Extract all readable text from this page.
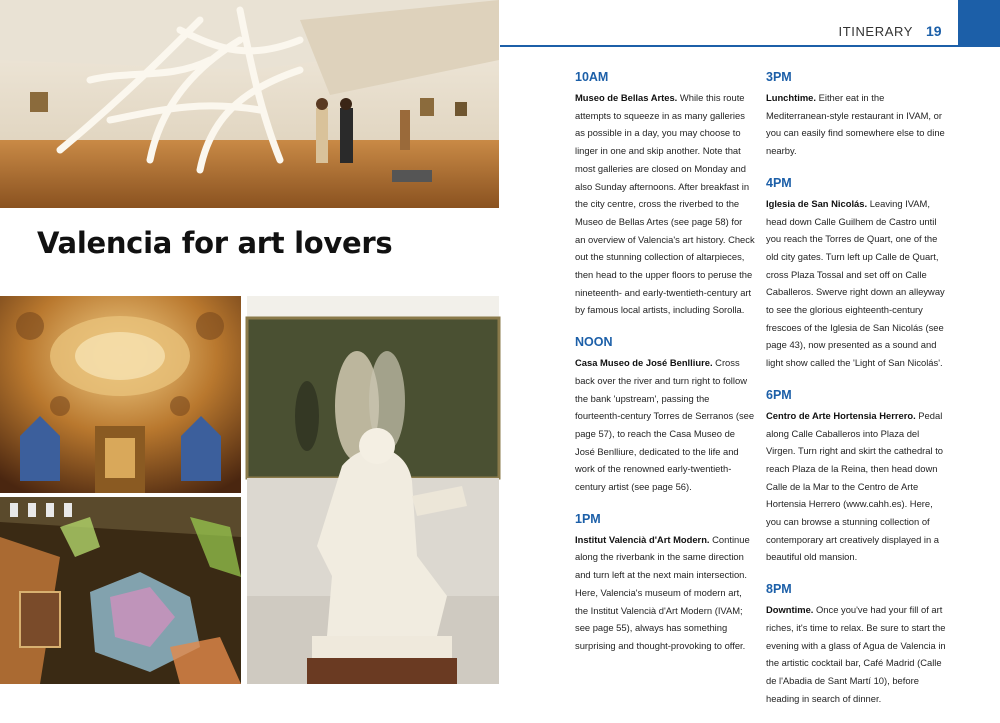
Valencia for art lovers
ITINERARY 19
10AM
Museo de Bellas Artes. While this route attempts to squeeze in as many galleries as possible in a day, you may choose to linger in one and skip another. Note that most galleries are closed on Monday and also Sunday afternoons. After breakfast in the city centre, cross the riverbed to the Museo de Bellas Artes (see page 58) for an overview of Valencia's art history. Check out the stunning collection of altarpieces, then head to the upper floors to peruse the nineteenth- and early-twentieth-century art by famous local artists, including Sorolla.
NOON
Casa Museo de José Benlliure. Cross back over the river and turn right to follow the bank 'upstream', passing the fourteenth-century Torres de Serranos (see page 57), to reach the Casa Museo de José Benlliure, dedicated to the life and work of the renowned early-twentieth-century artist (see page 56).
1PM
Institut Valencià d'Art Modern. Continue along the riverbank in the same direction and turn left at the next main intersection. Here, Valencia's museum of modern art, the Institut Valencià d'Art Modern (IVAM; see page 55), always has something surprising and thought-provoking to offer.
3PM
Lunchtime. Either eat in the Mediterranean-style restaurant in IVAM, or you can easily find somewhere else to dine nearby.
4PM
Iglesia de San Nicolás. Leaving IVAM, head down Calle Guilhem de Castro until you reach the Torres de Quart, one of the old city gates. Turn left up Calle de Quart, cross Plaza Tossal and set off on Calle Caballeros. Swerve right down an alleyway to see the glorious eighteenth-century frescoes of the Iglesia de San Nicolás (see page 43), now presented as a sound and light show called the 'Light of San Nicolás'.
6PM
Centro de Arte Hortensia Herrero. Pedal along Calle Caballeros into Plaza del Virgen. Turn right and skirt the cathedral to reach Plaza de la Reina, then head down Calle de la Mar to the Centro de Arte Hortensia Herrero (www.cahh.es). Here, you can browse a stunning collection of contemporary art creatively displayed in a beautiful old mansion.
8PM
Downtime. Once you've had your fill of art riches, it's time to relax. Be sure to start the evening with a glass of Agua de Valencia in the artistic cocktail bar, Café Madrid (Calle de l'Abadia de Sant Martí 10), before heading in search of dinner.
